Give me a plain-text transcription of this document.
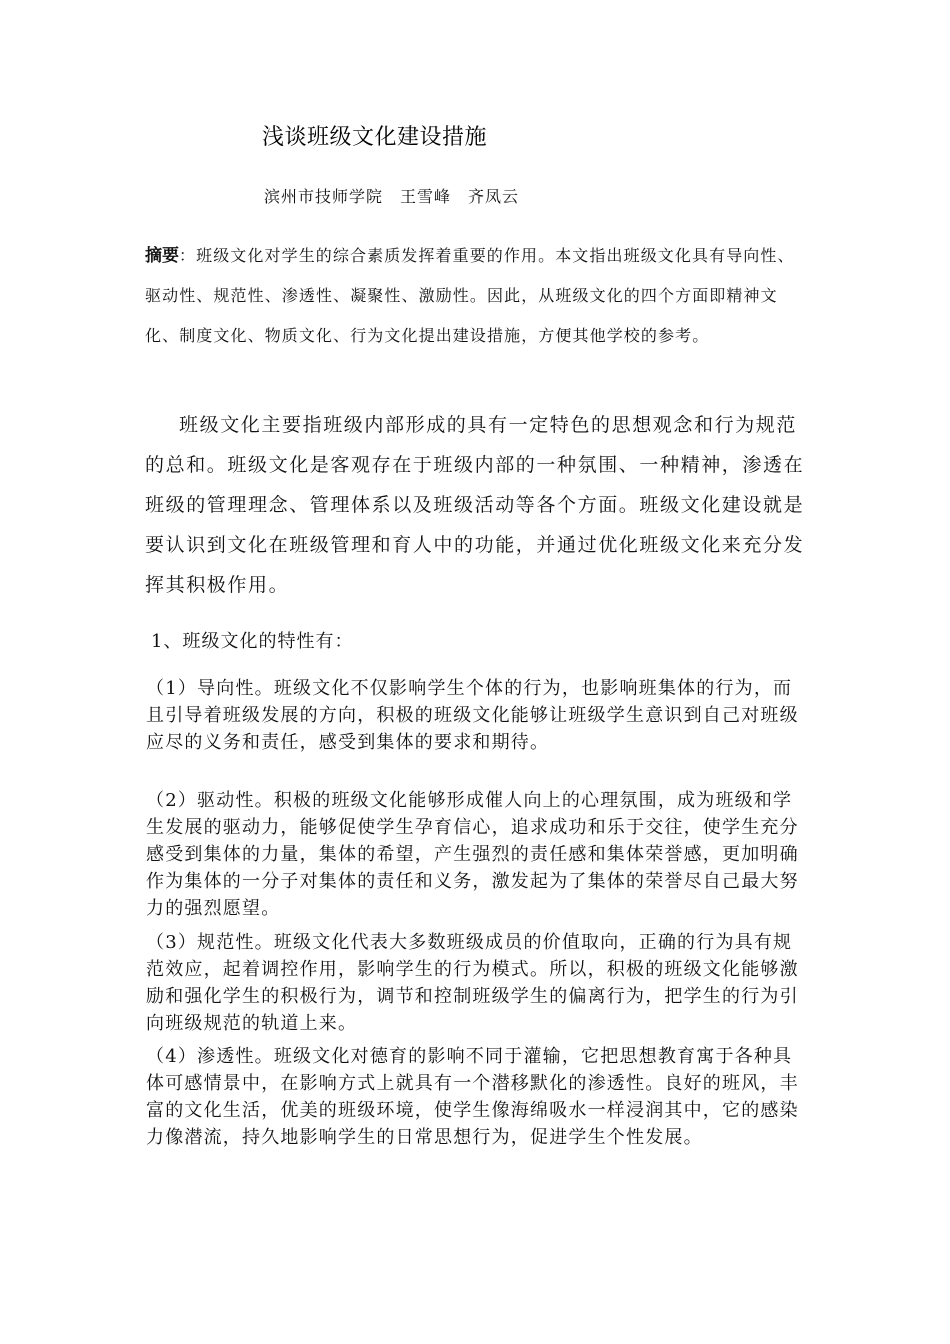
浅谈班级文化建设措施
滨州市技师学院　王雪峰　齐凤云
摘要：班级文化对学生的综合素质发挥着重要的作用。本文指出班级文化具有导向性、驱动性、规范性、渗透性、凝聚性、激励性。因此，从班级文化的四个方面即精神文化、制度文化、物质文化、行为文化提出建设措施，方便其他学校的参考。
班级文化主要指班级内部形成的具有一定特色的思想观念和行为规范的总和。班级文化是客观存在于班级内部的一种氛围、一种精神，渗透在班级的管理理念、管理体系以及班级活动等各个方面。班级文化建设就是要认识到文化在班级管理和育人中的功能，并通过优化班级文化来充分发挥其积极作用。
1、班级文化的特性有：
（1）导向性。班级文化不仅影响学生个体的行为，也影响班集体的行为，而且引导着班级发展的方向，积极的班级文化能够让班级学生意识到自己对班级应尽的义务和责任，感受到集体的要求和期待。
（2）驱动性。积极的班级文化能够形成催人向上的心理氛围，成为班级和学生发展的驱动力，能够促使学生孕育信心，追求成功和乐于交往，使学生充分感受到集体的力量，集体的希望，产生强烈的责任感和集体荣誉感，更加明确作为集体的一分子对集体的责任和义务，激发起为了集体的荣誉尽自己最大努力的强烈愿望。
（3）规范性。班级文化代表大多数班级成员的价值取向，正确的行为具有规范效应，起着调控作用，影响学生的行为模式。所以，积极的班级文化能够激励和强化学生的积极行为，调节和控制班级学生的偏离行为，把学生的行为引向班级规范的轨道上来。
（4）渗透性。班级文化对德育的影响不同于灌输，它把思想教育寓于各种具体可感情景中，在影响方式上就具有一个潜移默化的渗透性。良好的班风，丰富的文化生活，优美的班级环境，使学生像海绵吸水一样浸润其中，它的感染力像潜流，持久地影响学生的日常思想行为，促进学生个性发展。
